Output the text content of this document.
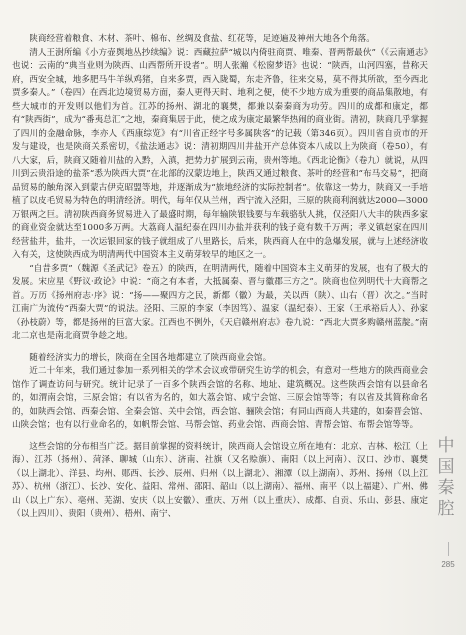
陕商经营着粮食、木材、茶叶、棉布、丝绸及食盐、红花等，足迹遍及神州大地各个角落。

清人王澍所编《小方壶舆地丛抄续编》说：西藏拉萨“城以内倚驻商贾、唯秦、晋两帮最伙”（《云南通志》也说：云南的“典当业则为陕西、山西帮所开设者”。明人张瀚《松窗梦语》也说：“陕西，山河四塞，昔称天府，西安全城，地多肥马牛羊纵鸡猪，自来多贾，西入陇蜀，东走齐鲁，往来交易，莫不得其所欲，至今西北贾多秦人。”（卷四）在西北边境贸易方面，秦人更得天时、地利之便，使不少地方成为重要的商品集散地，有些大城市的开发则以他们为首。江苏的扬州、湖北的襄樊，都兼以秦秦商为功劳。四川的成都和康定，都有“陕西街”，成为“番夷总汇”之地，秦商集居于此，使之成为康定最繁华热闹的商业街。清初，陕商几乎掌握了四川的金融命脉，李亦人《西康综览》有“川省正经字号多属陕客”的记载（第346页）。四川省自贡市的开发与建设，也是陕商关系密切，《盐法通志》说：清初期四川井盐开产总体资本八成以上为陕商（卷50），有八大家，后，陕商又随着川盐的入黔，入滇，把势力扩展到云南，贵州等地。《西北论衡》（卷九）就说，从四川到云贵沿途的盐茶“悉为陕西大贾”在北部的汉蒙边地上，陕西又通过粮食、茶叶的经营和“布马交易”，把商品贸易的触角深入到蒙古伊克昭盟等地，并逐渐成为“旅地经济的实际控制者”。依靠这一势力，陕商又一手培植了以皮毛贸易为特色的明清经济。明代，每年仅从兰州，西宁流入泾阳，三原的陕商利润就达2000—3000万银两之巨。清初陕西商务贸易进入了最盛时期，每年输陕银钱要与车载骆驮人挑，仅泾阳八大丰的陕西多家的商业资金就达至1000多万两。大荔商人温纪泰在四川办盐并获利的钱子竟有数千万两；孝义镇赵家在四川经营盐井，盐井，一次运银回家的钱子就组成了八里路长，后来，陕西商人在中的急爆发展，就与上述经济收入有关，这使陕西成为明清两代中国资本主义萌芽较早的地区之一。

“自昔多贾”（魏源《圣武记》卷五）的陕西，在明清两代，随着中国资本主义萌芽的发展，也有了极大的发展。宋应星《野议·政论》中说：“商之有本者，大抵属秦、晋与徽郡三方之”。陕商也位列明代十大商帮之首。万历《扬州府志·序》说：“扬——聚四方之民，新都（徽）为最，关以西（陕）、山右（晋）次之。”当时江南广为流传“西秦大贾”的说法。泾阳、三原的李家（李因笃）、温家（温纪泰）、王家（王承裕后人）、孙家（孙枝蔚）等，都是扬州的巨富大家。江西也不例外，《天启赣州府志》卷九说：“西北大贾多购赣州蓝靛。”南北二京也是南北商贾争趁之地。

随着经济实力的增长，陕商在全国各地都建立了陕西商业会馆。

近二十年来，我们通过参加一系列相关的学术会议或带研究生访学的机会，有意对一些地方的陕西商业会馆作了调查访问与研究。统计记录了一百多个陕西会馆的名称、地址、建筑概况。这些陕西会馆有以县命名的，如渭南会馆，三原会馆；有以省为名的，如大荔会馆、咸宁会馆、三原会馆等等；有以省及其简称命名的，如陕西会馆、西秦会馆、全秦会馆、关中会馆，西会馆、骊陕会馆；有同山西商人共建的，如秦晋会馆、山陕会馆；也有以行业命名的，如帆帮会馆、马帮会馆、药业会馆、西商会馆、青帮会馆、布帮会馆等等。

这些会馆的分布相当广泛。据目前掌握的资料统计，陕西商人会馆设立所在地有：北京、吉林、松江（上海）、江苏（扬州）、菏泽、聊城（山东）、济南、社旗（又名赊旗）、南阳（以上河南）、汉口、沙市、襄樊（以上湖北）、洋县、均州、郧西、长沙、辰州、归州（以上湖北）、湘潭（以上湖南）、苏州、扬州（以上江苏）、杭州（浙江）、长沙、安化、益阳、常州、邵阳、韶山（以上湖南）、福州、南平（以上福建）、广州、佛山（以上广东）、亳州、芜湖、安庆（以上安徽）、重庆、万州（以上重庆）、成都、自贡、乐山、彭县、康定（以上四川）、贵阳（贵州）、梧州、南宁、

中
国
秦
腔
285
